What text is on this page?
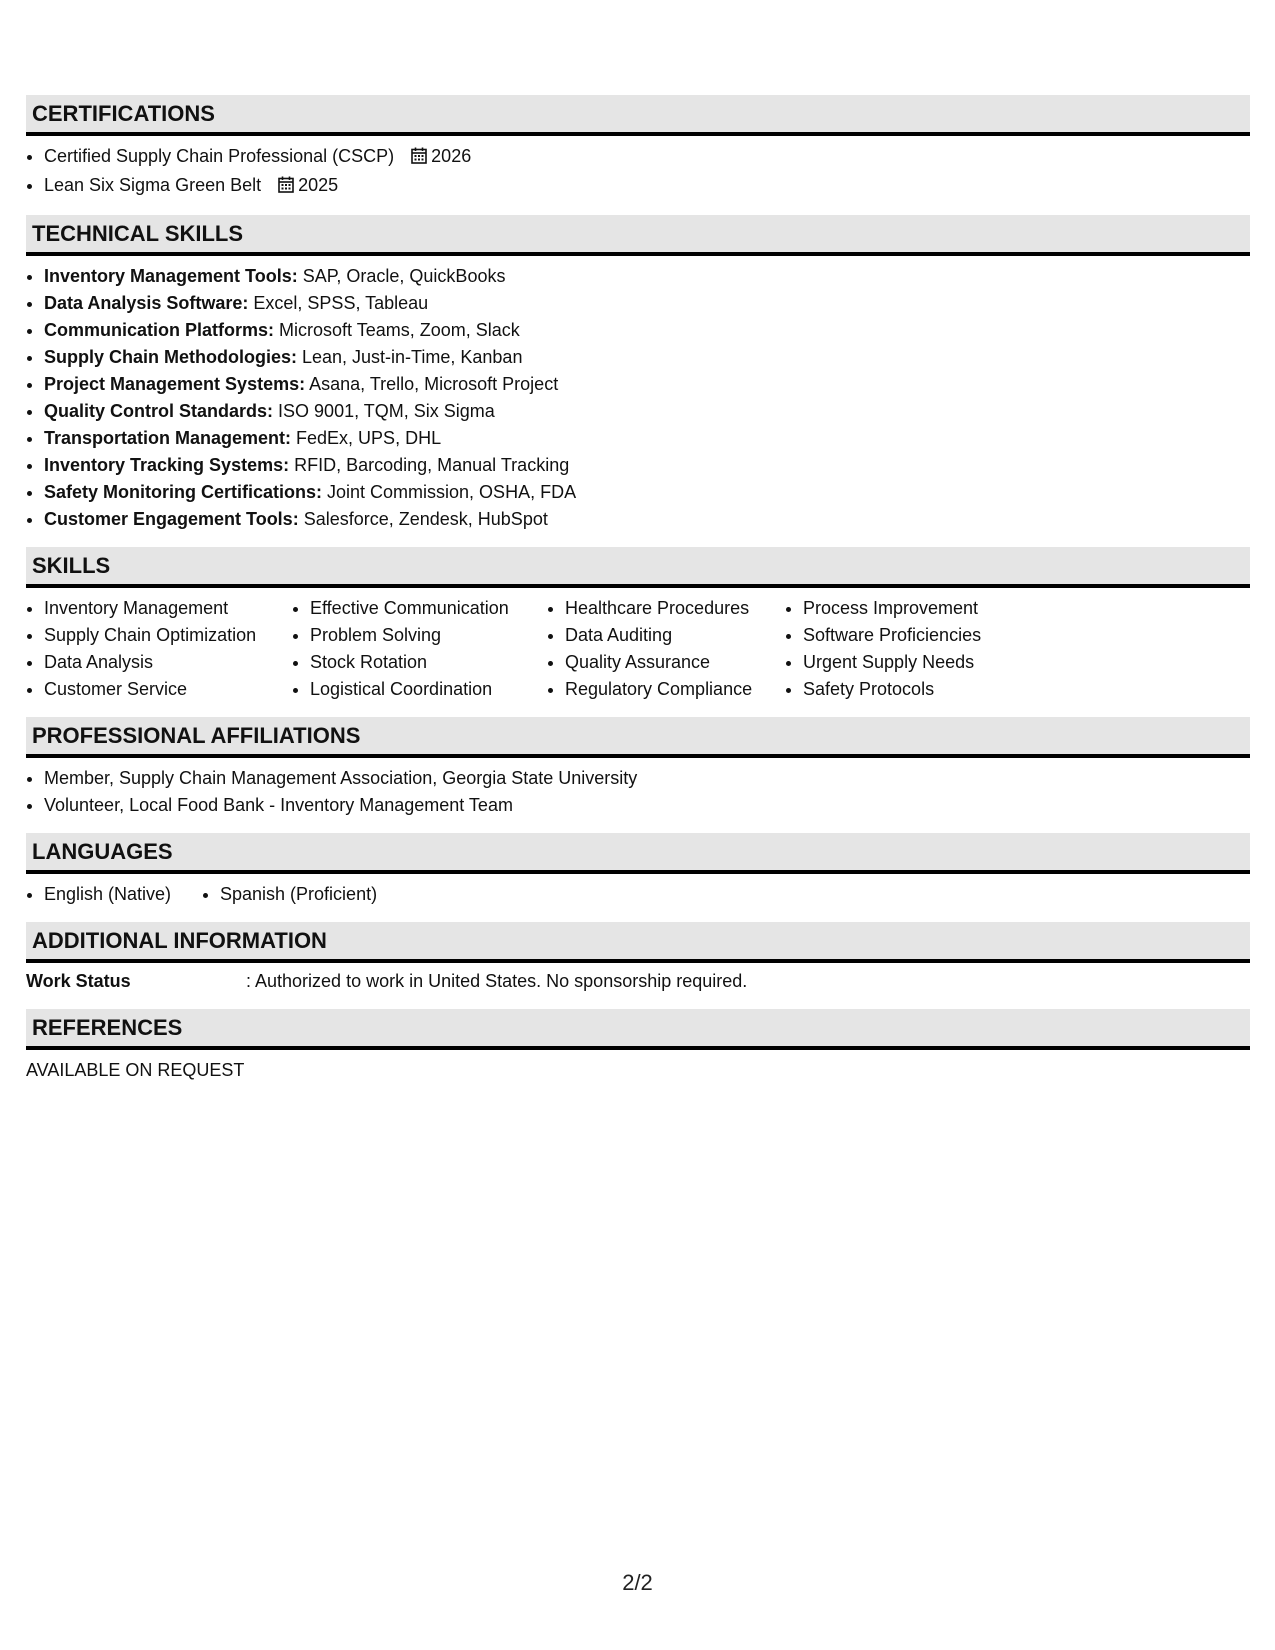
CERTIFICATIONS
• Certified Supply Chain Professional (CSCP) 2026
• Lean Six Sigma Green Belt 2025
TECHNICAL SKILLS
• Inventory Management Tools: SAP, Oracle, QuickBooks
• Data Analysis Software: Excel, SPSS, Tableau
• Communication Platforms: Microsoft Teams, Zoom, Slack
• Supply Chain Methodologies: Lean, Just-in-Time, Kanban
• Project Management Systems: Asana, Trello, Microsoft Project
• Quality Control Standards: ISO 9001, TQM, Six Sigma
• Transportation Management: FedEx, UPS, DHL
• Inventory Tracking Systems: RFID, Barcoding, Manual Tracking
• Safety Monitoring Certifications: Joint Commission, OSHA, FDA
• Customer Engagement Tools: Salesforce, Zendesk, HubSpot
SKILLS
• Inventory Management
• Supply Chain Optimization
• Data Analysis
• Customer Service
• Effective Communication
• Problem Solving
• Stock Rotation
• Logistical Coordination
• Healthcare Procedures
• Data Auditing
• Quality Assurance
• Regulatory Compliance
• Process Improvement
• Software Proficiencies
• Urgent Supply Needs
• Safety Protocols
PROFESSIONAL AFFILIATIONS
• Member, Supply Chain Management Association, Georgia State University
• Volunteer, Local Food Bank - Inventory Management Team
LANGUAGES
• English (Native)
•	Spanish (Proficient)
ADDITIONAL INFORMATION
Work Status	: Authorized to work in United States. No sponsorship required.
REFERENCES
AVAILABLE ON REQUEST
2/2
